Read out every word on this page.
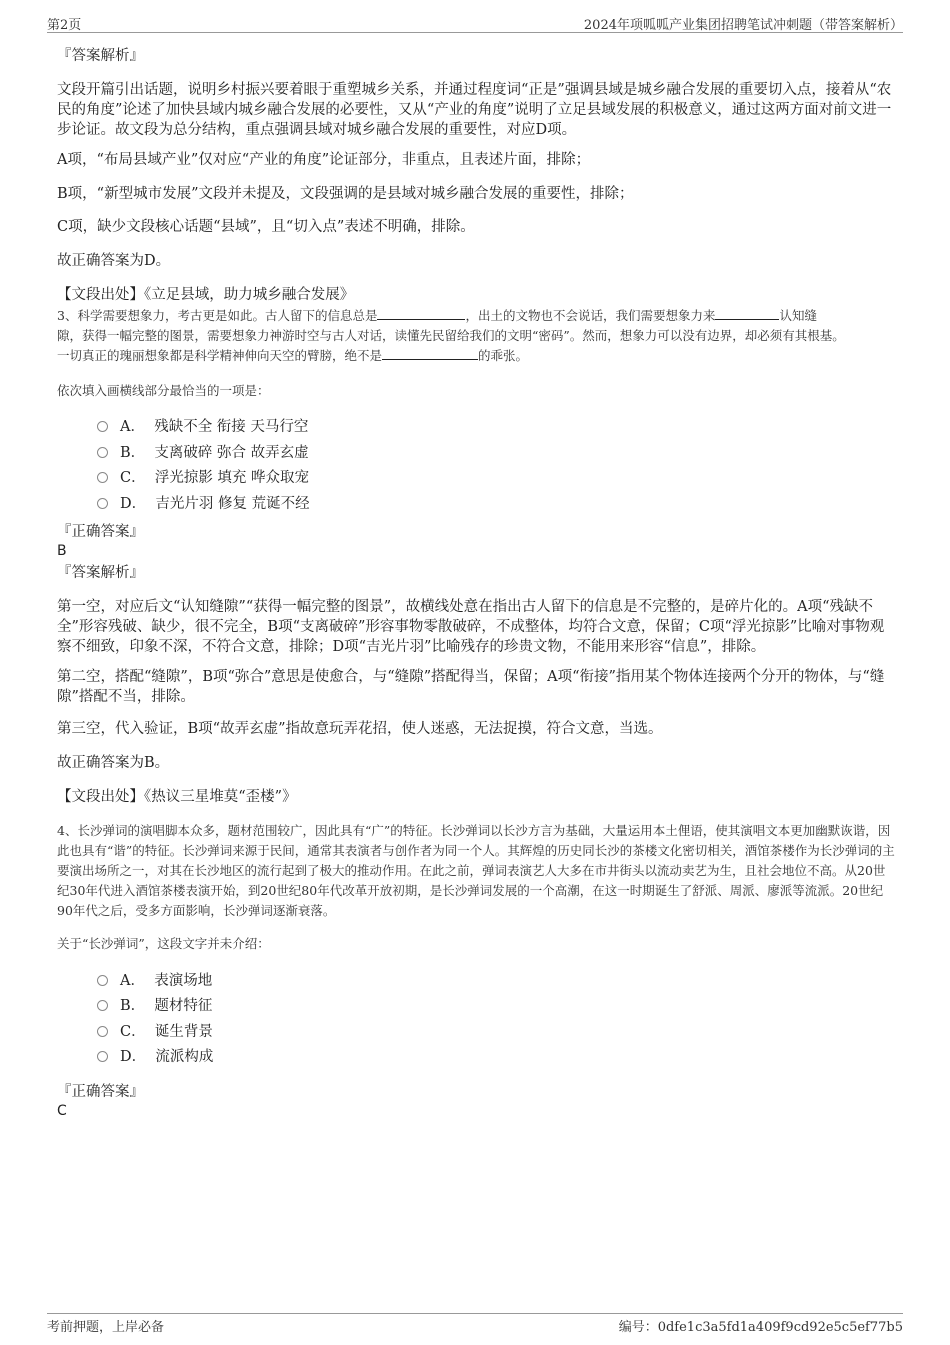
第2页	2024年项呱呱产业集团招聘笔试冲刺题（带答案解析）
『答案解析』
文段开篇引出话题，说明乡村振兴要着眼于重塑城乡关系，并通过程度词“正是”强调县域是城乡融合发展的重要切入点，接着从“农民的角度”论述了加快县域内城乡融合发展的必要性，又从“产业的角度”说明了立足县域发展的积极意义，通过这两方面对前文进一步论证。故文段为总分结构，重点强调县域对城乡融合发展的重要性，对应D项。
A项，“布局县域产业”仅对应“产业的角度”论证部分，非重点，且表述片面，排除；
B项，“新型城市发展”文段并未提及，文段强调的是县域对城乡融合发展的重要性，排除；
C项，缺少文段核心话题“县域”，且“切入点”表述不明确，排除。
故正确答案为D。
【文段出处】《立足县域，助力城乡融合发展》
3、科学需要想象力，考古更是如此。古人留下的信息总是	，出土的文物也不会说话，我们需要想象力来	认知缝
隙，获得一幅完整的图景，需要想象力神游时空与古人对话，读懂先民留给我们的文明“密码”。然而，想象力可以没有边界，却必须有其根基。
一切真正的瑰丽想象都是科学精神伸向天空的臂膀，绝不是	的乖张。
依次填入画横线部分最恰当的一项是：
A． 残缺不全 衔接 天马行空
B． 支离破碎 弥合 故弄玄虚
C． 浮光掠影 填充 哗众取宠
D． 吉光片羽 修复 荒诞不经
『正确答案』
B
『答案解析』
第一空，对应后文“认知缝隙”“获得一幅完整的图景”，故横线处意在指出古人留下的信息是不完整的，是碎片化的。A项“残缺不全”形容残破、缺少，很不完全，B项“支离破碎”形容事物零散破碎，不成整体，均符合文意，保留；C项“浮光掠影”比喻对事物观察不细致，印象不深，不符合文意，排除；D项“吉光片羽”比喻残存的珍贵文物，不能用来形容“信息”，排除。
第二空，搭配“缝隙”，B项“弥合”意思是使愈合，与“缝隙”搭配得当，保留；A项“衔接”指用某个物体连接两个分开的物体，与“缝隙”搭配不当，排除。
第三空，代入验证，B项“故弄玄虚”指故意玩弄花招，使人迷惑，无法捉摸，符合文意，当选。
故正确答案为B。
【文段出处】《热议三星堆莫“歪楼”》
4、长沙弹词的演唱脚本众多，题材范围较广，因此具有“广”的特征。长沙弹词以长沙方言为基础，大量运用本土俚语，使其演唱文本更加幽默诙谐，因此也具有“谐”的特征。长沙弹词来源于民间，通常其表演者与创作者为同一个人。其辉煌的历史同长沙的茶楼文化密切相关，酒馆茶楼作为长沙弹词的主要演出场所之一，对其在长沙地区的流行起到了极大的推动作用。在此之前，弹词表演艺人大多在市井街头以流动卖艺为生，且社会地位不高。从20世纪30年代进入酒馆茶楼表演开始，到20世纪80年代改革开放初期，是长沙弹词发展的一个高潮，在这一时期诞生了舒派、周派、廖派等流派。20世纪90年代之后，受多方面影响，长沙弹词逐渐衰落。
关于“长沙弹词”，这段文字并未介绍：
A． 表演场地
B． 题材特征
C． 诞生背景
D． 流派构成
『正确答案』
C
考前押题，上岸必备	编号：0dfe1c3a5fd1a409f9cd92e5c5ef77b5
